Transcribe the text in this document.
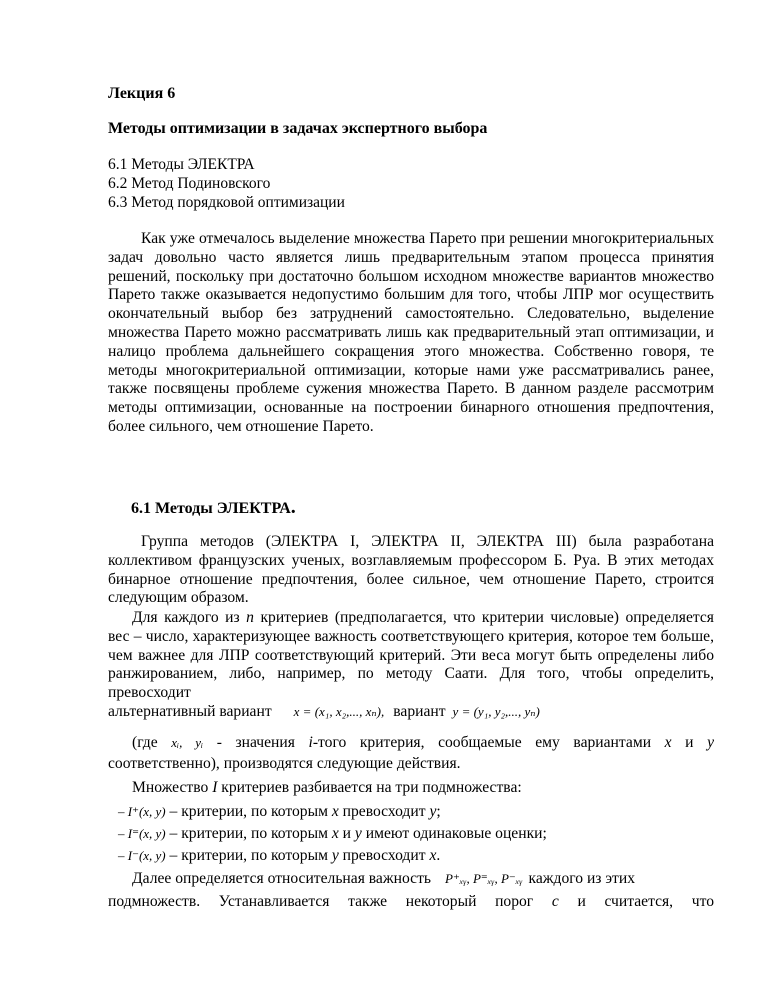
Лекция 6
Методы оптимизации в задачах экспертного выбора
6.1 Методы ЭЛЕКТРА
6.2 Метод Подиновского
6.3 Метод порядковой оптимизации
Как уже отмечалось выделение множества Парето при решении многокритериальных задач довольно часто является лишь предварительным этапом процесса принятия решений, поскольку при достаточно большом исходном множестве вариантов множество Парето также оказывается недопустимо большим для того, чтобы ЛПР мог осуществить окончательный выбор без затруднений самостоятельно. Следовательно, выделение множества Парето можно рассматривать лишь как предварительный этап оптимизации, и налицо проблема дальнейшего сокращения этого множества. Собственно говоря, те методы многокритериальной оптимизации, которые нами уже рассматривались ранее, также посвящены проблеме сужения множества Парето. В данном разделе рассмотрим методы оптимизации, основанные на построении бинарного отношения предпочтения, более сильного, чем отношение Парето.
6.1 Методы ЭЛЕКТРА.
Группа методов (ЭЛЕКТРА I, ЭЛЕКТРА II, ЭЛЕКТРА III) была разработана коллективом французских ученых, возглавляемым профессором Б. Руа. В этих методах бинарное отношение предпочтения, более сильное, чем отношение Парето, строится следующим образом.
Для каждого из n критериев (предполагается, что критерии числовые) определяется вес – число, характеризующее важность соответствующего критерия, которое тем больше, чем важнее для ЛПР соответствующий критерий. Эти веса могут быть определены либо ранжированием, либо, например, по методу Саати. Для того, чтобы определить, превосходит
альтернативный вариант x = (x₁, x₂,..., xₙ), вариант y = (y₁, y₂,..., yₙ)
(где xᵢ, yᵢ - значения i-того критерия, сообщаемые ему вариантами x и y
соответственно), производятся следующие действия.
Множество I критериев разбивается на три подмножества:
– I⁺(x, y) – критерии, по которым x превосходит y;
– I⁼(x, y) – критерии, по которым x и y имеют одинаковые оценки;
– I⁻(x, y) – критерии, по которым y превосходит x.
Далее определяется относительная важность P⁺ₓᵧ, P⁼ₓᵧ, P⁻ₓᵧ каждого из этих
подмножеств. Устанавливается также некоторый порог c и считается, что
